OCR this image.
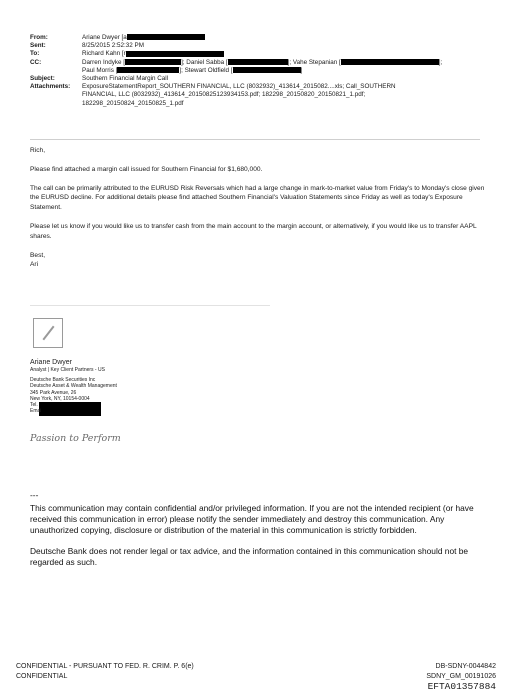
From:	Ariane Dwyer [a
Sent:	8/25/2015 2:52:32 PM
To:	Richard Kahn [r
CC:	Darren Indyke [	]; Daniel Sabba [	]; Vahe Stepanian [	];
Paul Morris [	]; Stewart Oldfield [	]
Subject:	Southern Financial Margin Call
Attachments:	ExposureStatementReport_SOUTHERN FINANCIAL, LLC (8032932)_413614_2015082....xls; Call_SOUTHERN
FINANCIAL, LLC (8032932)_413614_20150825123934153.pdf; 182298_20150820_20150821_1.pdf;
182298_20150824_20150825_1.pdf

Rich,

Please find attached a margin call issued for Southern Financial for $1,680,000.

The call can be primarily attributed to the EURUSD Risk Reversals which had a large change in mark-to-market value from Friday's to Monday's close given the EURUSD decline. For additional details please find attached Southern Financial's Valuation Statements since Friday as well as today's Exposure Statement.

Please let us know if you would like us to transfer cash from the main account to the margin account, or alternatively, if you would like us to transfer AAPL shares.

Best,
Ari
Ariane Dwyer
Analyst | Key Client Partners - US
Deutsche Bank Securities Inc
Deutsche Asset & Wealth Management
345 Park Avenue, 26
New York, NY, 10154-0004
Tel.
Emai
Passion to Perform

---

This communication may contain confidential and/or privileged information. If you are not the intended recipient (or have received this communication in error) please notify the sender immediately and destroy this communication. Any unauthorized copying, disclosure or distribution of the material in this communication is strictly forbidden.

Deutsche Bank does not render legal or tax advice, and the information contained in this communication should not be regarded as such.

CONFIDENTIAL - PURSUANT TO FED. R. CRIM. P. 6(e)
CONFIDENTIAL
DB-SDNY-0044842
SDNY_GM_00191026
EFTA01357884
